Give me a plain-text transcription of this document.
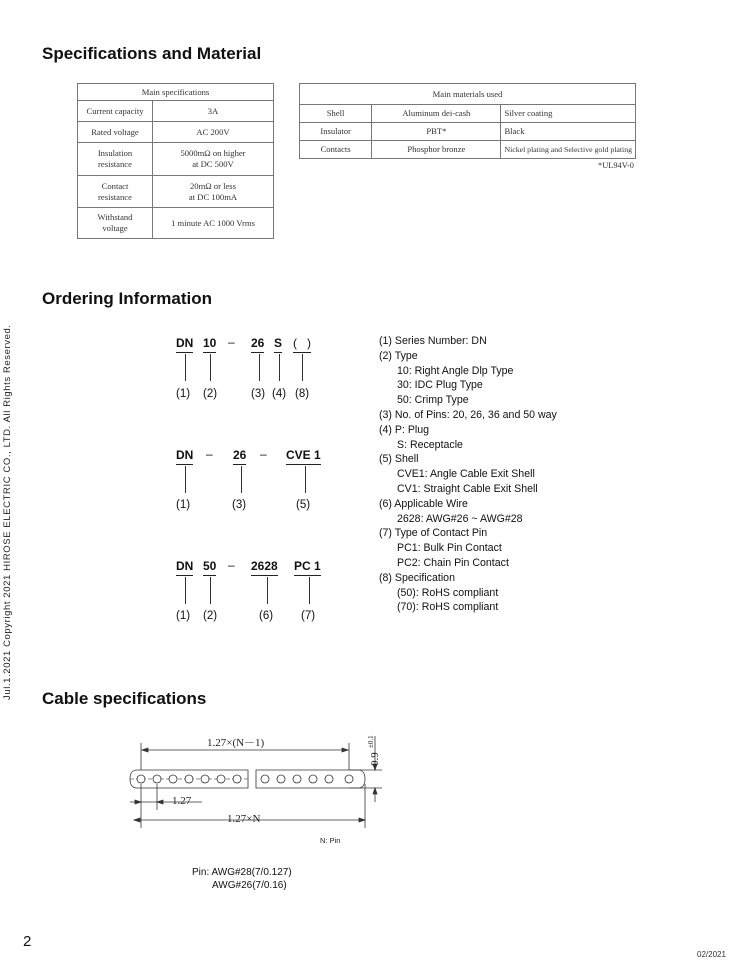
Jul.1.2021 Copyright 2021 HIROSE ELECTRIC CO., LTD. All Rights Reserved.
Specifications and Material
Main specifications	
Current capacity	3A
Rated voltage	AC 200V
Insulation
resistance	5000mΩ on higher
at DC 500V
Contact
resistance	20mΩ or less
at DC 100mA
Withstand
voltage	1 minute AC 1000 Vrms
Main materials used		
Shell	Aluminum dei-cash	Silver coating
Insulator	PBT*	Black
Contacts	Phosphor bronze	Nickel plating and Selective gold plating
*UL94V-0
Ordering Information
DN 10 – 26 S ( )
(1) (2)	(3) (4) (8)
DN – 26 – CVE 1
(1)	(3)	(5)
DN 50 – 2628 PC 1
(1) (2)	(6) (7)
(1) Series Number: DN
(2) Type
10: Right Angle Dlp Type
30: IDC Plug Type
50: Crimp Type
(3) No. of Pins: 20, 26, 36 and 50 way
(4) P: Plug
S: Receptacle
(5) Shell
CVE1: Angle Cable Exit Shell
CV1: Straight Cable Exit Shell
(6) Applicable Wire
2628: AWG#26 ~ AWG#28
(7) Type of Contact Pin
PC1: Bulk Pin Contact
PC2: Chain Pin Contact
(8) Specification
(50): RoHS compliant
(70): RoHS compliant
Cable specifications
1.27×(N－1)
1.27
1.27×N
0.9
±0.1
N: Pin
Pin: AWG#28(7/0.127)
AWG#26(7/0.16)
2
02/2021
